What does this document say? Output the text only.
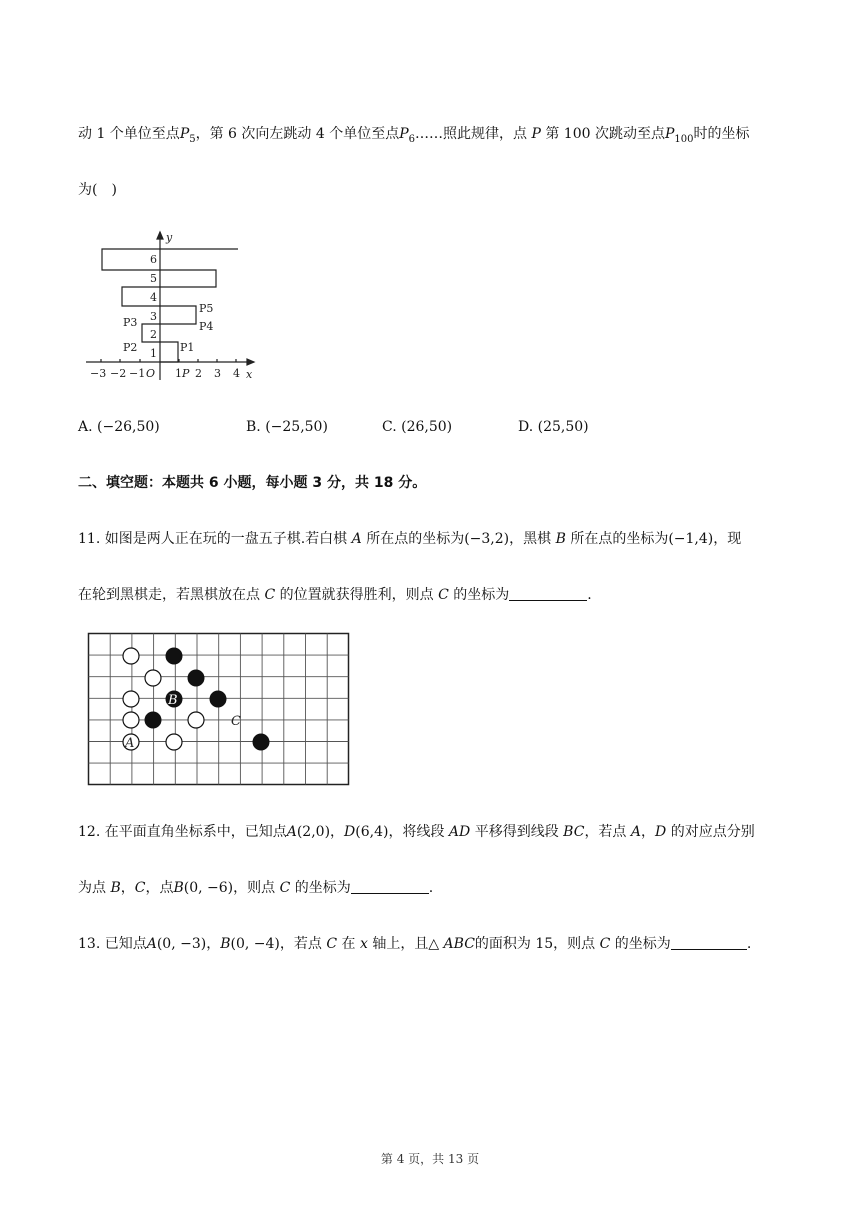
动 1 个单位至点$P_5$，第 6 次向左跳动 4 个单位至点$P_6\dots\dots$照此规律，点 P 第 100 次跳动至点$P_{100}$时的坐标
为(　)
y
x
1
2
3
4
5
6
−3 −2 −1 O 1 P 2 3 4
P1
P2
P3	P4
P5
A. (−26,50)	B. (−25,50)	C. (26,50)	D. (25,50)
二、填空题：本题共 6 小题，每小题 3 分，共 18 分。
11. 如图是两人正在玩的一盘五子棋.若白棋 A 所在点的坐标为(−3,2)，黑棋 B 所在点的坐标为(−1,4)，现
在轮到黑棋走，若黑棋放在点 C 的位置就获得胜利，则点 C 的坐标为	.
A
B
C
12. 在平面直角坐标系中，已知点A(2,0)，D(6,4)，将线段 AD 平移得到线段 BC，若点 A，D 的对应点分别
为点 B，C，点B(0, −6)，则点 C 的坐标为	.
13. 已知点A(0, −3)，B(0, −4)，若点 C 在 x 轴上，且△ ABC的面积为 15，则点 C 的坐标为	.
第 4 页，共 13 页
